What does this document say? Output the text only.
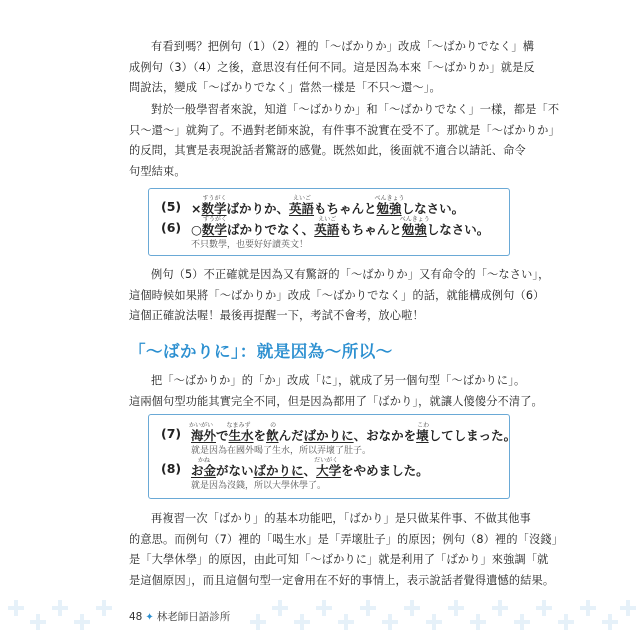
有看到嗎？把例句（1）（2）裡的「～ばかりか」改成「～ばかりでなく」構
成例句（3）（4）之後，意思沒有任何不同。這是因為本來「～ばかりか」就是反
問說法，變成「～ばかりでなく」當然一樣是「不只～還～」。
對於一般學習者來說，知道「～ばかりか」和「～ばかりでなく」一樣，都是「不
只～還～」就夠了。不過對老師來說，有件事不說實在受不了。那就是「～ばかりか」
的反問，其實是表現說話者驚訝的感覺。既然如此，後面就不適合以請託、命令
句型結束。
(5) ×
すうがく
数学ばかりか、
えいご
英語もちゃんと
べんきょう
勉強しなさい。
(6) ○
すうがく
数学ばかりでなく、
えいご
英語もちゃんと
べんきょう
勉強しなさい。
不只數學，也要好好讀英文！
例句（5）不正確就是因為又有驚訝的「～ばかりか」又有命令的「～なさい」，
這個時候如果將「～ばかりか」改成「～ばかりでなく」的話，就能構成例句（6）
這個正確說法喔！最後再提醒一下，考試不會考，放心啦！
「～ばかりに」：就是因為～所以～
把「～ばかりか」的「か」改成「に」，就成了另一個句型「～ばかりに」。
這兩個句型功能其實完全不同，但是因為都用了「ばかり」，就讓人傻傻分不清了。
(7)
かいがい
海外で
なまみず
生水を
の
飲んだばかりに、おなかを
こわ
壊してしまった。
就是因為在國外喝了生水，所以弄壞了肚子。
(8)
かね
お金がないばかりに、
だいがく
大学をやめました。
就是因為沒錢，所以大學休學了。
再複習一次「ばかり」的基本功能吧，「ばかり」是只做某件事、不做其他事
的意思。而例句（7）裡的「喝生水」是「弄壞肚子」的原因；例句（8）裡的「沒錢」
是「大學休學」的原因，由此可知「～ばかりに」就是利用了「ばかり」來強調「就
是這個原因」，而且這個句型一定會用在不好的事情上，表示說話者覺得遺憾的結果。
48 ✦ 林老師日語診所
